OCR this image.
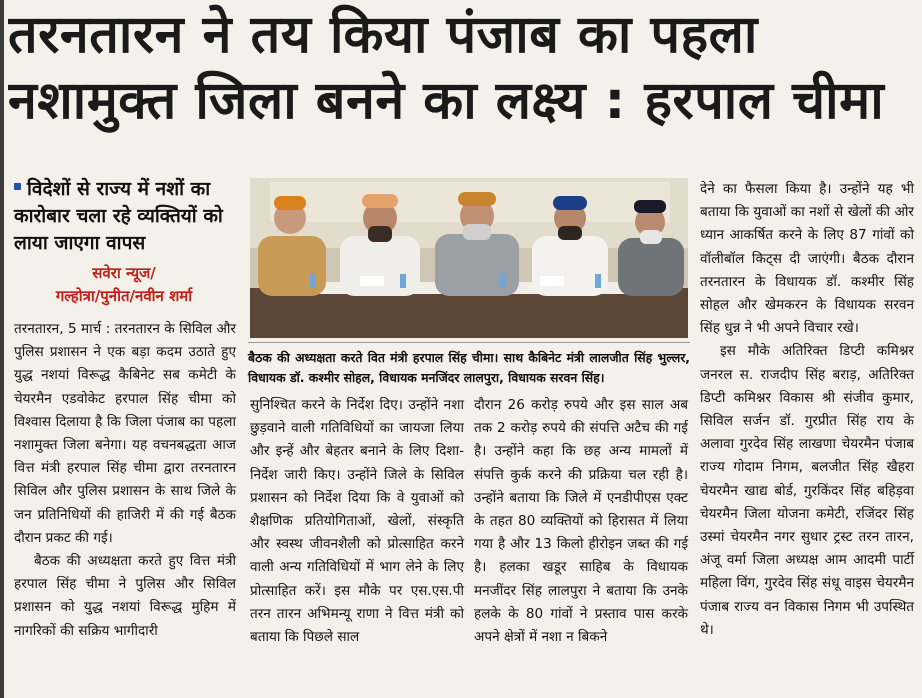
तरनतारन ने तय किया पंजाब का पहला
नशामुक्त जिला बनने का लक्ष्य : हरपाल चीमा
विदेशों से राज्य में नशों का कारोबार चला रहे व्यक्तियों को लाया जाएगा वापस
सवेरा न्यूज/
गल्होत्रा/पुनीत/नवीन शर्मा

तरनतारन, 5 मार्च : तरनतारन के सिविल और पुलिस प्रशासन ने एक बड़ा कदम उठाते हुए युद्ध नशयां विरूद्ध कैबिनेट सब कमेटी के चेयरमैन एडवोकेट हरपाल सिंह चीमा को विश्वास दिलाया है कि जिला पंजाब का पहला नशामुक्त जिला बनेगा। यह वचनबद्धता आज वित्त मंत्री हरपाल सिंह चीमा द्वारा तरनतारन सिविल और पुलिस प्रशासन के साथ जिले के जन प्रतिनिधियों की हाजिरी में की गई बैठक दौरान प्रकट की गई।

बैठक की अध्यक्षता करते हुए वित्त मंत्री हरपाल सिंह चीमा ने पुलिस और सिविल प्रशासन को युद्ध नशयां विरूद्ध मुहिम में नागरिकों की सक्रिय भागीदारी

बैठक की अध्यक्षता करते वित मंत्री हरपाल सिंह चीमा। साथ कैबिनेट मंत्री लालजीत सिंह भुल्लर, विधायक डॉ. कश्मीर सोहल, विधायक मनजिंदर लालपुरा, विधायक सरवन सिंह।

सुनिश्चित करने के निर्देश दिए। उन्होंने नशा छुड़वाने वाली गतिविधियों का जायजा लिया और इन्हें और बेहतर बनाने के लिए दिशा-निर्देश जारी किए। उन्होंने जिले के सिविल प्रशासन को निर्देश दिया कि वे युवाओं को शैक्षणिक प्रतियोगिताओं, खेलों, संस्कृति और स्वस्थ जीवनशैली को प्रोत्साहित करने वाली अन्य गतिविधियों में भाग लेने के लिए प्रोत्साहित करें। इस मौके पर एस.एस.पी तरन तारन अभिमन्यू राणा ने वित्त मंत्री को बताया कि पिछले साल

दौरान 26 करोड़ रुपये और इस साल अब तक 2 करोड़ रुपये की संपत्ति अटैच की गई है। उन्होंने कहा कि छह अन्य मामलों में संपत्ति कुर्क करने की प्रक्रिया चल रही है। उन्होंने बताया कि जिले में एनडीपीएस एक्ट के तहत 80 व्यक्तियों को हिरासत में लिया गया है और 13 किलो हीरोइन जब्त की गई है। हलका खडूर साहिब के विधायक मनजींदर सिंह लालपुरा ने बताया कि उनके हलके के 80 गांवों ने प्रस्ताव पास करके अपने क्षेत्रों में नशा न बिकने

देने का फैसला किया है। उन्होंने यह भी बताया कि युवाओं का नशों से खेलों की ओर ध्यान आकर्षित करने के लिए 87 गांवों को वॉलीबॉल किट्स दी जाएंगी। बैठक दौरान तरनतारन के विधायक डॉ. कश्मीर सिंह सोहल और खेमकरन के विधायक सरवन सिंह धुन्न ने भी अपने विचार रखे।

इस मौके अतिरिक्त डिप्टी कमिश्नर जनरल स. राजदीप सिंह बराड़, अतिरिक्त डिप्टी कमिश्नर विकास श्री संजीव कुमार, सिविल सर्जन डॉ. गुरप्रीत सिंह राय के अलावा गुरदेव सिंह लाखणा चेयरमैन पंजाब राज्य गोदाम निगम, बलजीत सिंह खैहरा चेयरमैन खाद्य बोर्ड, गुरकिंदर सिंह बहिड़वा चेयरमैन जिला योजना कमेटी, रजिंदर सिंह उस्मां चेयरमैन नगर सुधार ट्रस्ट तरन तारन, अंजू वर्मा जिला अध्यक्ष आम आदमी पार्टी महिला विंग, गुरदेव सिंह संधू वाइस चेयरमैन पंजाब राज्य वन विकास निगम भी उपस्थित थे।
